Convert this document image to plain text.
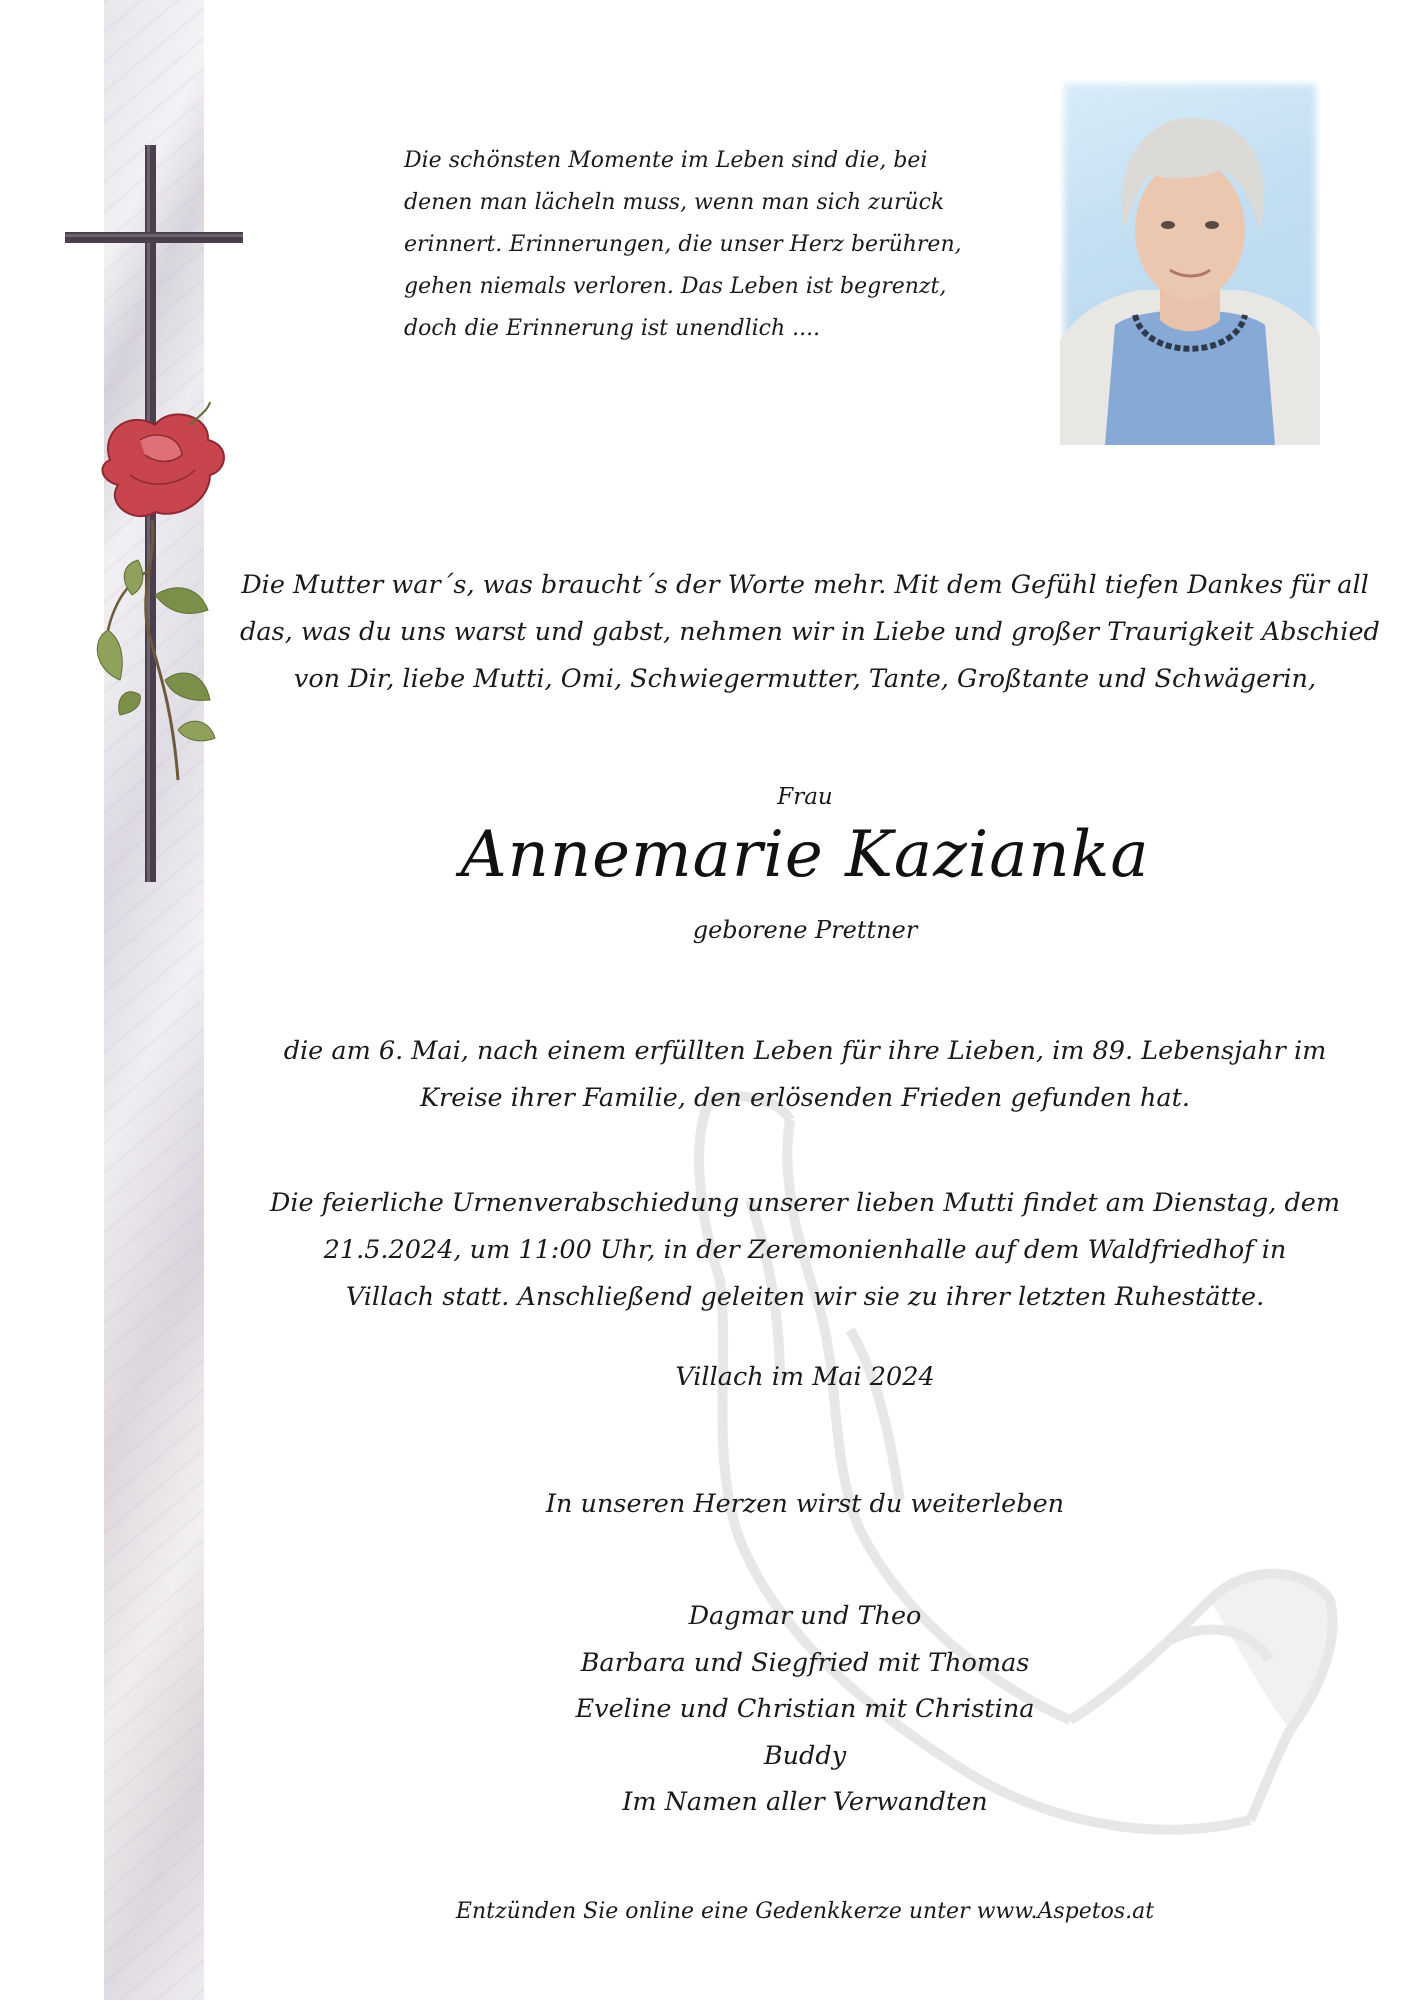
Die schönsten Momente im Leben sind die, bei
denen man lächeln muss, wenn man sich zurück
erinnert. Erinnerungen, die unser Herz berühren,
gehen niemals verloren. Das Leben ist begrenzt,
doch die Erinnerung ist unendlich ....
Die Mutter war´s, was braucht´s der Worte mehr. Mit dem Gefühl tiefen Dankes für all
das, was du uns warst und gabst, nehmen wir in Liebe und großer Traurigkeit Abschied
von Dir, liebe Mutti, Omi, Schwiegermutter, Tante, Großtante und Schwägerin,

Frau

Annemarie Kazianka

geborene Prettner

die am 6. Mai, nach einem erfüllten Leben für ihre Lieben, im 89. Lebensjahr im
Kreise ihrer Familie, den erlösenden Frieden gefunden hat.
Die feierliche Urnenverabschiedung unserer lieben Mutti findet am Dienstag, dem
21.5.2024, um 11:00 Uhr, in der Zeremonienhalle auf dem Waldfriedhof in
Villach statt. Anschließend geleiten wir sie zu ihrer letzten Ruhestätte.

Villach im Mai 2024

In unseren Herzen wirst du weiterleben

Dagmar und Theo
Barbara und Siegfried mit Thomas
Eveline und Christian mit Christina
Buddy
Im Namen aller Verwandten

Entzünden Sie online eine Gedenkkerze unter www.Aspetos.at
